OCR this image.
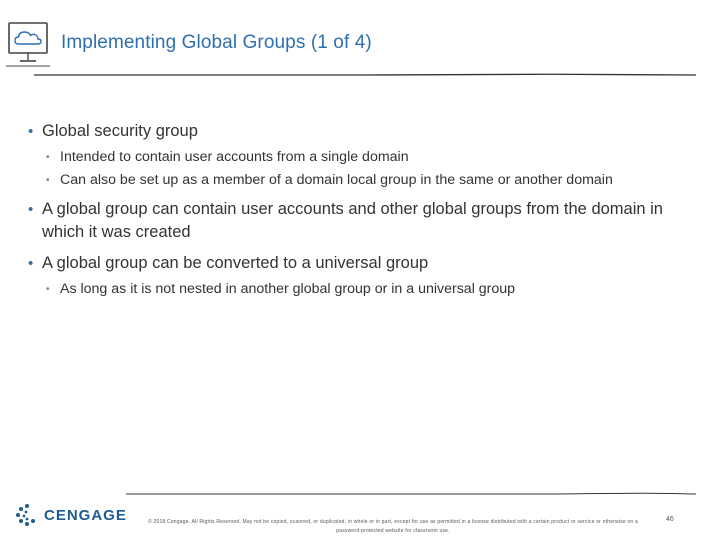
Implementing Global Groups (1 of 4)
• Global security group
• Intended to contain user accounts from a single domain
• Can also be set up as a member of a domain local group in the same or another domain
• A global group can contain user accounts and other global groups from the domain in which it was created
• A global group can be converted to a universal group
• As long as it is not nested in another global group or in a universal group
CENGAGE	© 2018 Cengage. All Rights Reserved. May not be copied, scanned, or duplicated, in whole or in part, except for use as permitted in a license distributed with a certain product or service or otherwise on a password-protected website for classroom use.
46
